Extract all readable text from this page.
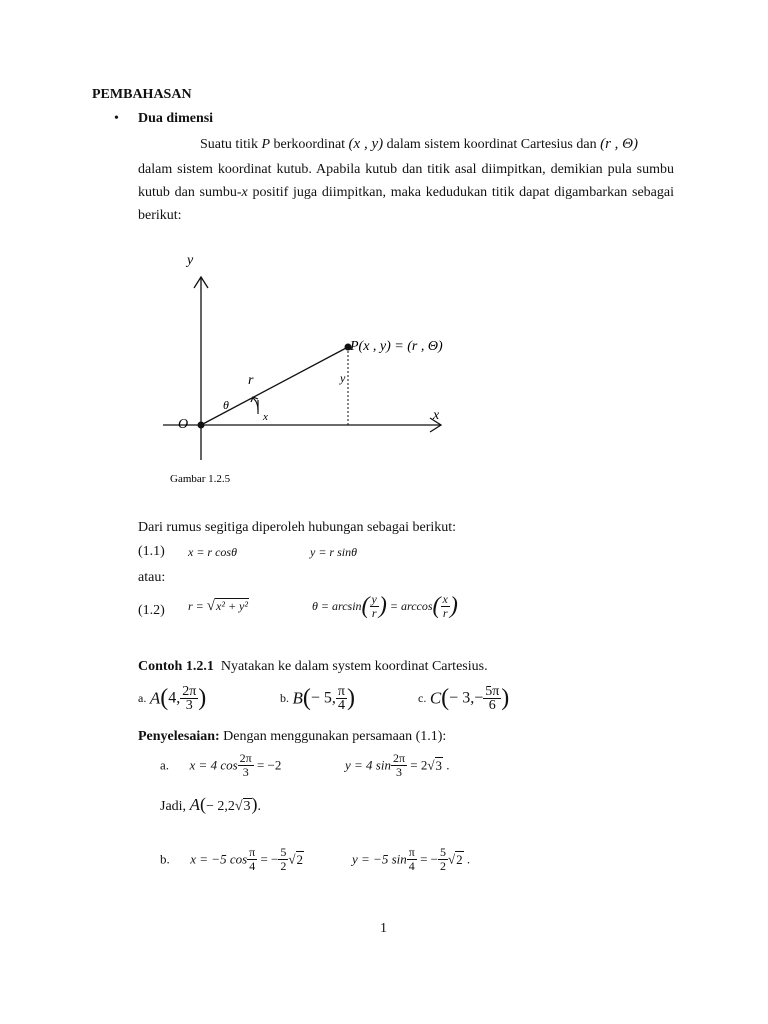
PEMBAHASAN
• Dua dimensi
Suatu titik P berkoordinat (x , y) dalam sistem koordinat Cartesius dan (r , Θ)
dalam sistem koordinat kutub. Apabila kutub dan titik asal diimpitkan, demikian pula sumbu kutub dan sumbu-x positif juga diimpitkan, maka kedudukan titik dapat digambarkan sebagai berikut:
y
x
O
P(x , y) = (r , Θ)
r
θ
y
x
Gambar 1.2.5
Dari rumus segitiga diperoleh hubungan sebagai berikut:
(1.1) x = r cosθ	y = r sinθ
atau:
(1.2) r = √x² + y²	$\theta = \arcsin( \frac{y}{r}$ ) = $\arccos( \frac{x}{r}$ )
Contoh 1.2.1 Nyatakan ke dalam system koordinat Cartesius.
a. A(4, $\frac{2\pi}{3}$ )	b. B(− 5, $\frac{\pi}{4}$ )	c. $C(- 3,- \frac{5\pi}{6}$ )
Penyelesaian: Dengan menggunakan persamaan (1.1):
a. x = 4 $\cos \frac{2\pi}{3} = -2$	y = 4 $\sin \frac{2\pi}{3} = 2√3$ .
Jadi, A(− 2,2√3).
b. x = −5 $\cos \frac{\pi}{4}$ = − $\frac{5}{2} √2$	y = −5 $\sin \frac{\pi}{4}$ = − $\frac{5}{2} √2$ .
1
